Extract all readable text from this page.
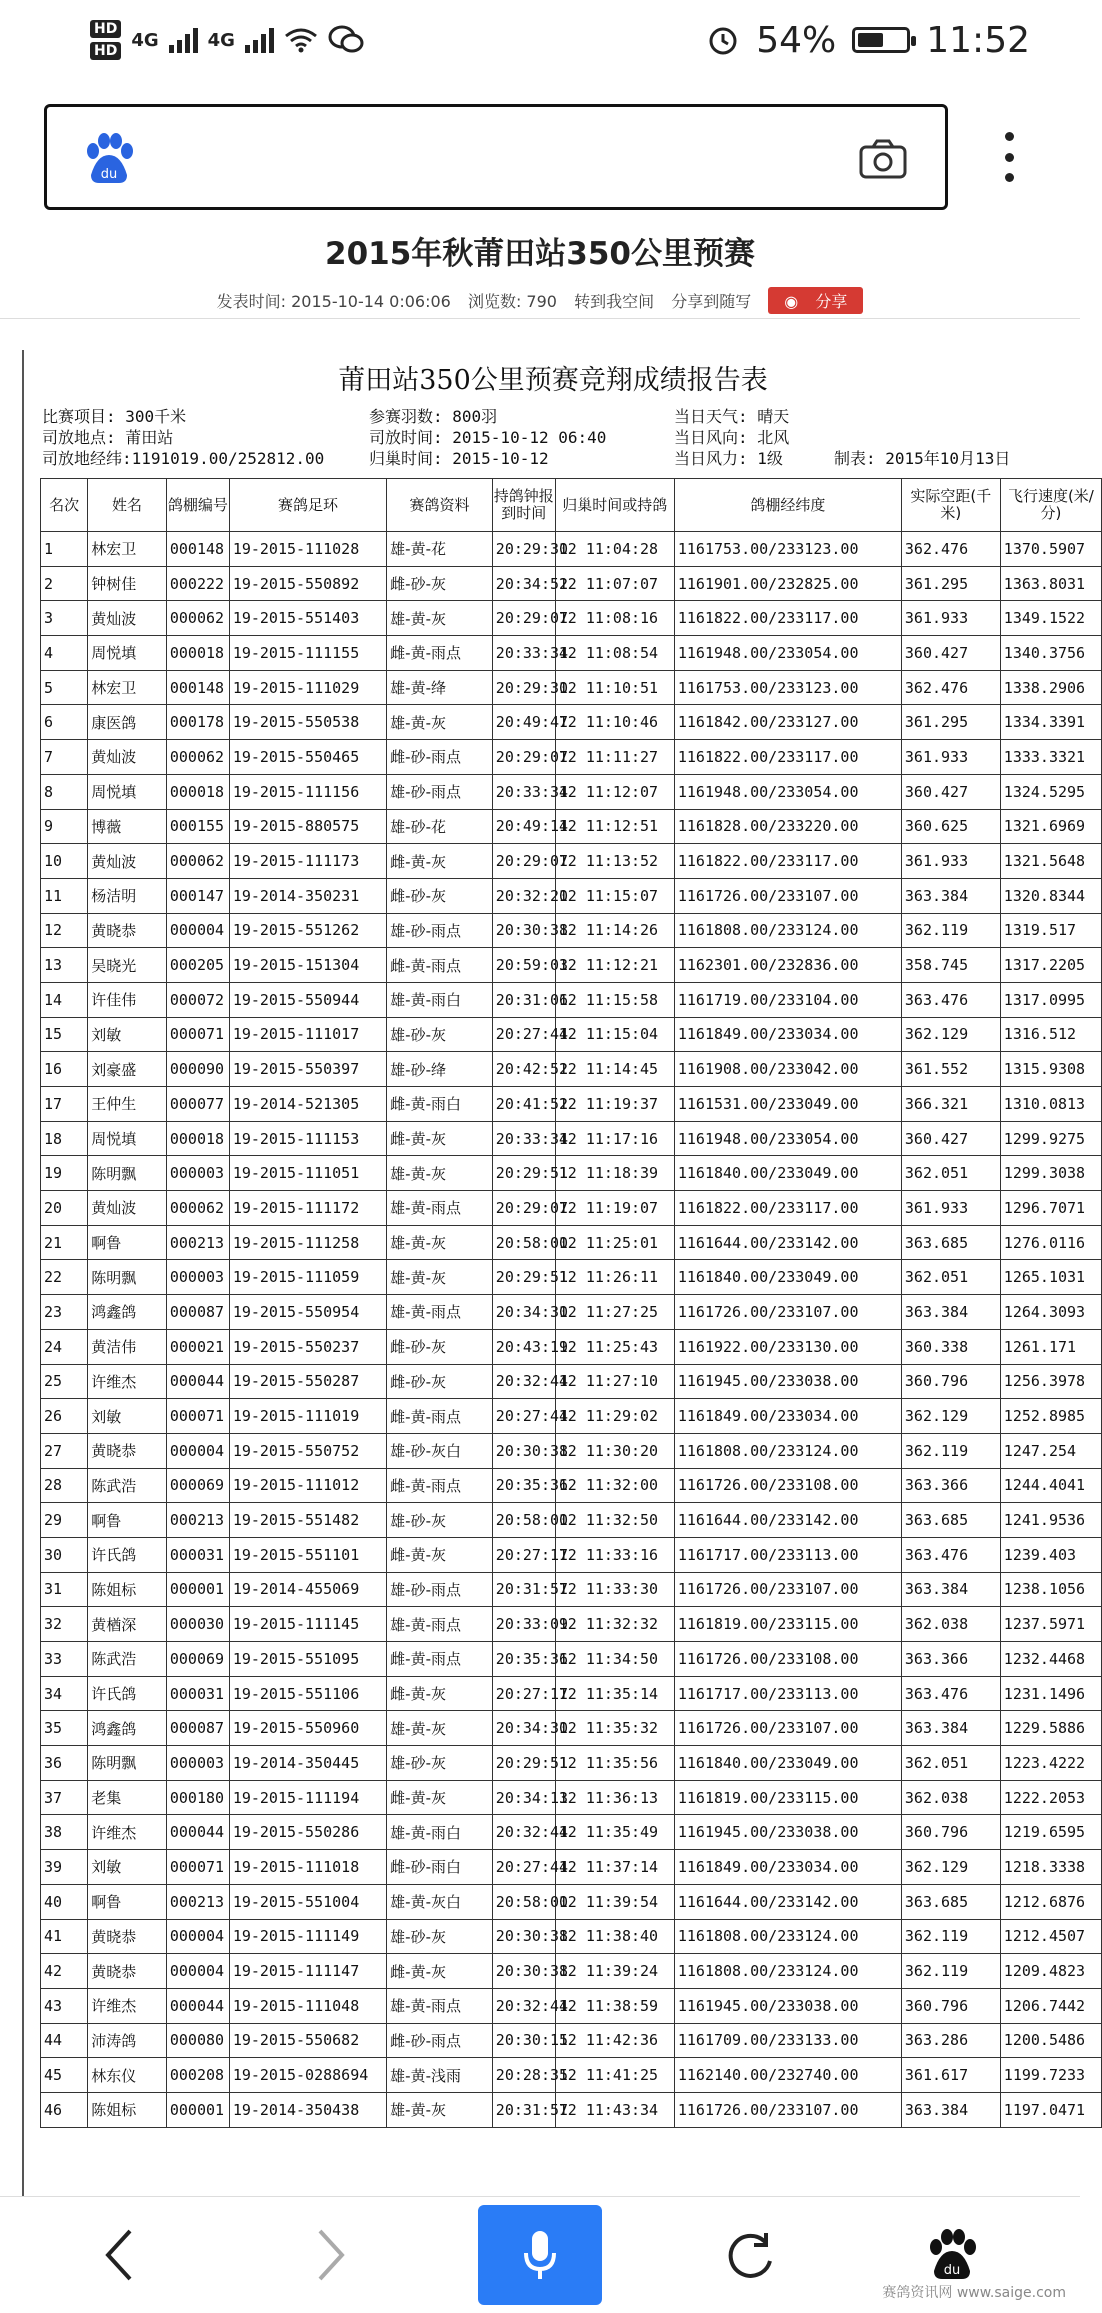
HD
HD
4G	4G	54%	11:52
du
2015年秋莆田站350公里预赛
发表时间: 2015-10-14 0:06:06 浏览数: 790 转到我空间 分享到随写 ◉ 分享
莆田站350公里预赛竞翔成绩报告表
比赛项目: 300千米
司放地点: 莆田站
司放地经纬:1191019.00/252812.00
参赛羽数: 800羽
司放时间: 2015-10-12 06:40
归巢时间: 2015-10-12
当日天气: 晴天
当日风向: 北风
当日风力: 1级	制表: 2015年10月13日
名次	姓名	鸽棚编号	赛鸽足环	赛鸽资料	持鸽钟报到时间	归巢时间或持鸽	鸽棚经纬度	实际空距(千米)	飞行速度(米/分)
1	林宏卫	000148	19-2015-111028	雄-黄-花	20:29:30	12 11:04:28	1161753.00/233123.00	362.476	1370.5907
2	钟树佳	000222	19-2015-550892	雌-砂-灰	20:34:52	12 11:07:07	1161901.00/232825.00	361.295	1363.8031
3	黄灿波	000062	19-2015-551403	雄-黄-灰	20:29:07	12 11:08:16	1161822.00/233117.00	361.933	1349.1522
4	周悦填	000018	19-2015-111155	雌-黄-雨点	20:33:34	12 11:08:54	1161948.00/233054.00	360.427	1340.3756
5	林宏卫	000148	19-2015-111029	雄-黄-绛	20:29:30	12 11:10:51	1161753.00/233123.00	362.476	1338.2906
6	康医鸽	000178	19-2015-550538	雄-黄-灰	20:49:47	12 11:10:46	1161842.00/233127.00	361.295	1334.3391
7	黄灿波	000062	19-2015-550465	雌-砂-雨点	20:29:07	12 11:11:27	1161822.00/233117.00	361.933	1333.3321
8	周悦填	000018	19-2015-111156	雄-砂-雨点	20:33:34	12 11:12:07	1161948.00/233054.00	360.427	1324.5295
9	博薇	000155	19-2015-880575	雄-砂-花	20:49:14	12 11:12:51	1161828.00/233220.00	360.625	1321.6969
10	黄灿波	000062	19-2015-111173	雌-黄-灰	20:29:07	12 11:13:52	1161822.00/233117.00	361.933	1321.5648
11	杨洁明	000147	19-2014-350231	雌-砂-灰	20:32:20	12 11:15:07	1161726.00/233107.00	363.384	1320.8344
12	黄晓恭	000004	19-2015-551262	雄-砂-雨点	20:30:38	12 11:14:26	1161808.00/233124.00	362.119	1319.517
13	吴晓光	000205	19-2015-151304	雌-黄-雨点	20:59:03	12 11:12:21	1162301.00/232836.00	358.745	1317.2205
14	许佳伟	000072	19-2015-550944	雄-黄-雨白	20:31:06	12 11:15:58	1161719.00/233104.00	363.476	1317.0995
15	刘敏	000071	19-2015-111017	雄-砂-灰	20:27:44	12 11:15:04	1161849.00/233034.00	362.129	1316.512
16	刘豪盛	000090	19-2015-550397	雄-砂-绛	20:42:52	12 11:14:45	1161908.00/233042.00	361.552	1315.9308
17	王仲生	000077	19-2014-521305	雌-黄-雨白	20:41:52	12 11:19:37	1161531.00/233049.00	366.321	1310.0813
18	周悦填	000018	19-2015-111153	雌-黄-灰	20:33:34	12 11:17:16	1161948.00/233054.00	360.427	1299.9275
19	陈明飘	000003	19-2015-111051	雄-黄-灰	20:29:51	12 11:18:39	1161840.00/233049.00	362.051	1299.3038
20	黄灿波	000062	19-2015-111172	雄-黄-雨点	20:29:07	12 11:19:07	1161822.00/233117.00	361.933	1296.7071
21	啊鲁	000213	19-2015-111258	雄-黄-灰	20:58:00	12 11:25:01	1161644.00/233142.00	363.685	1276.0116
22	陈明飘	000003	19-2015-111059	雄-黄-灰	20:29:51	12 11:26:11	1161840.00/233049.00	362.051	1265.1031
23	鸿鑫鸽	000087	19-2015-550954	雄-黄-雨点	20:34:30	12 11:27:25	1161726.00/233107.00	363.384	1264.3093
24	黄洁伟	000021	19-2015-550237	雌-砂-灰	20:43:19	12 11:25:43	1161922.00/233130.00	360.338	1261.171
25	许维杰	000044	19-2015-550287	雌-砂-灰	20:32:44	12 11:27:10	1161945.00/233038.00	360.796	1256.3978
26	刘敏	000071	19-2015-111019	雌-黄-雨点	20:27:44	12 11:29:02	1161849.00/233034.00	362.129	1252.8985
27	黄晓恭	000004	19-2015-550752	雄-砂-灰白	20:30:38	12 11:30:20	1161808.00/233124.00	362.119	1247.254
28	陈武浩	000069	19-2015-111012	雌-黄-雨点	20:35:36	12 11:32:00	1161726.00/233108.00	363.366	1244.4041
29	啊鲁	000213	19-2015-551482	雄-砂-灰	20:58:00	12 11:32:50	1161644.00/233142.00	363.685	1241.9536
30	许氏鸽	000031	19-2015-551101	雌-黄-灰	20:27:17	12 11:33:16	1161717.00/233113.00	363.476	1239.403
31	陈姐标	000001	19-2014-455069	雄-砂-雨点	20:31:57	12 11:33:30	1161726.00/233107.00	363.384	1238.1056
32	黄楢深	000030	19-2015-111145	雄-黄-雨点	20:33:09	12 11:32:32	1161819.00/233115.00	362.038	1237.5971
33	陈武浩	000069	19-2015-551095	雌-黄-雨点	20:35:36	12 11:34:50	1161726.00/233108.00	363.366	1232.4468
34	许氏鸽	000031	19-2015-551106	雌-黄-灰	20:27:17	12 11:35:14	1161717.00/233113.00	363.476	1231.1496
35	鸿鑫鸽	000087	19-2015-550960	雄-黄-灰	20:34:30	12 11:35:32	1161726.00/233107.00	363.384	1229.5886
36	陈明飘	000003	19-2014-350445	雄-砂-灰	20:29:51	12 11:35:56	1161840.00/233049.00	362.051	1223.4222
37	老集	000180	19-2015-111194	雌-黄-灰	20:34:13	12 11:36:13	1161819.00/233115.00	362.038	1222.2053
38	许维杰	000044	19-2015-550286	雄-黄-雨白	20:32:44	12 11:35:49	1161945.00/233038.00	360.796	1219.6595
39	刘敏	000071	19-2015-111018	雌-砂-雨白	20:27:44	12 11:37:14	1161849.00/233034.00	362.129	1218.3338
40	啊鲁	000213	19-2015-551004	雄-黄-灰白	20:58:00	12 11:39:54	1161644.00/233142.00	363.685	1212.6876
41	黄晓恭	000004	19-2015-111149	雄-砂-灰	20:30:38	12 11:38:40	1161808.00/233124.00	362.119	1212.4507
42	黄晓恭	000004	19-2015-111147	雌-黄-灰	20:30:38	12 11:39:24	1161808.00/233124.00	362.119	1209.4823
43	许维杰	000044	19-2015-111048	雄-黄-雨点	20:32:44	12 11:38:59	1161945.00/233038.00	360.796	1206.7442
44	沛涛鸽	000080	19-2015-550682	雌-砂-雨点	20:30:15	12 11:42:36	1161709.00/233133.00	363.286	1200.5486
45	林东仪	000208	19-2015-0288694	雄-黄-浅雨	20:28:35	12 11:41:25	1162140.00/232740.00	361.617	1199.7233
46	陈姐标	000001	19-2014-350438	雄-黄-灰	20:31:57	12 11:43:34	1161726.00/233107.00	363.384	1197.0471
du
赛鸽资讯网 www.saige.com
